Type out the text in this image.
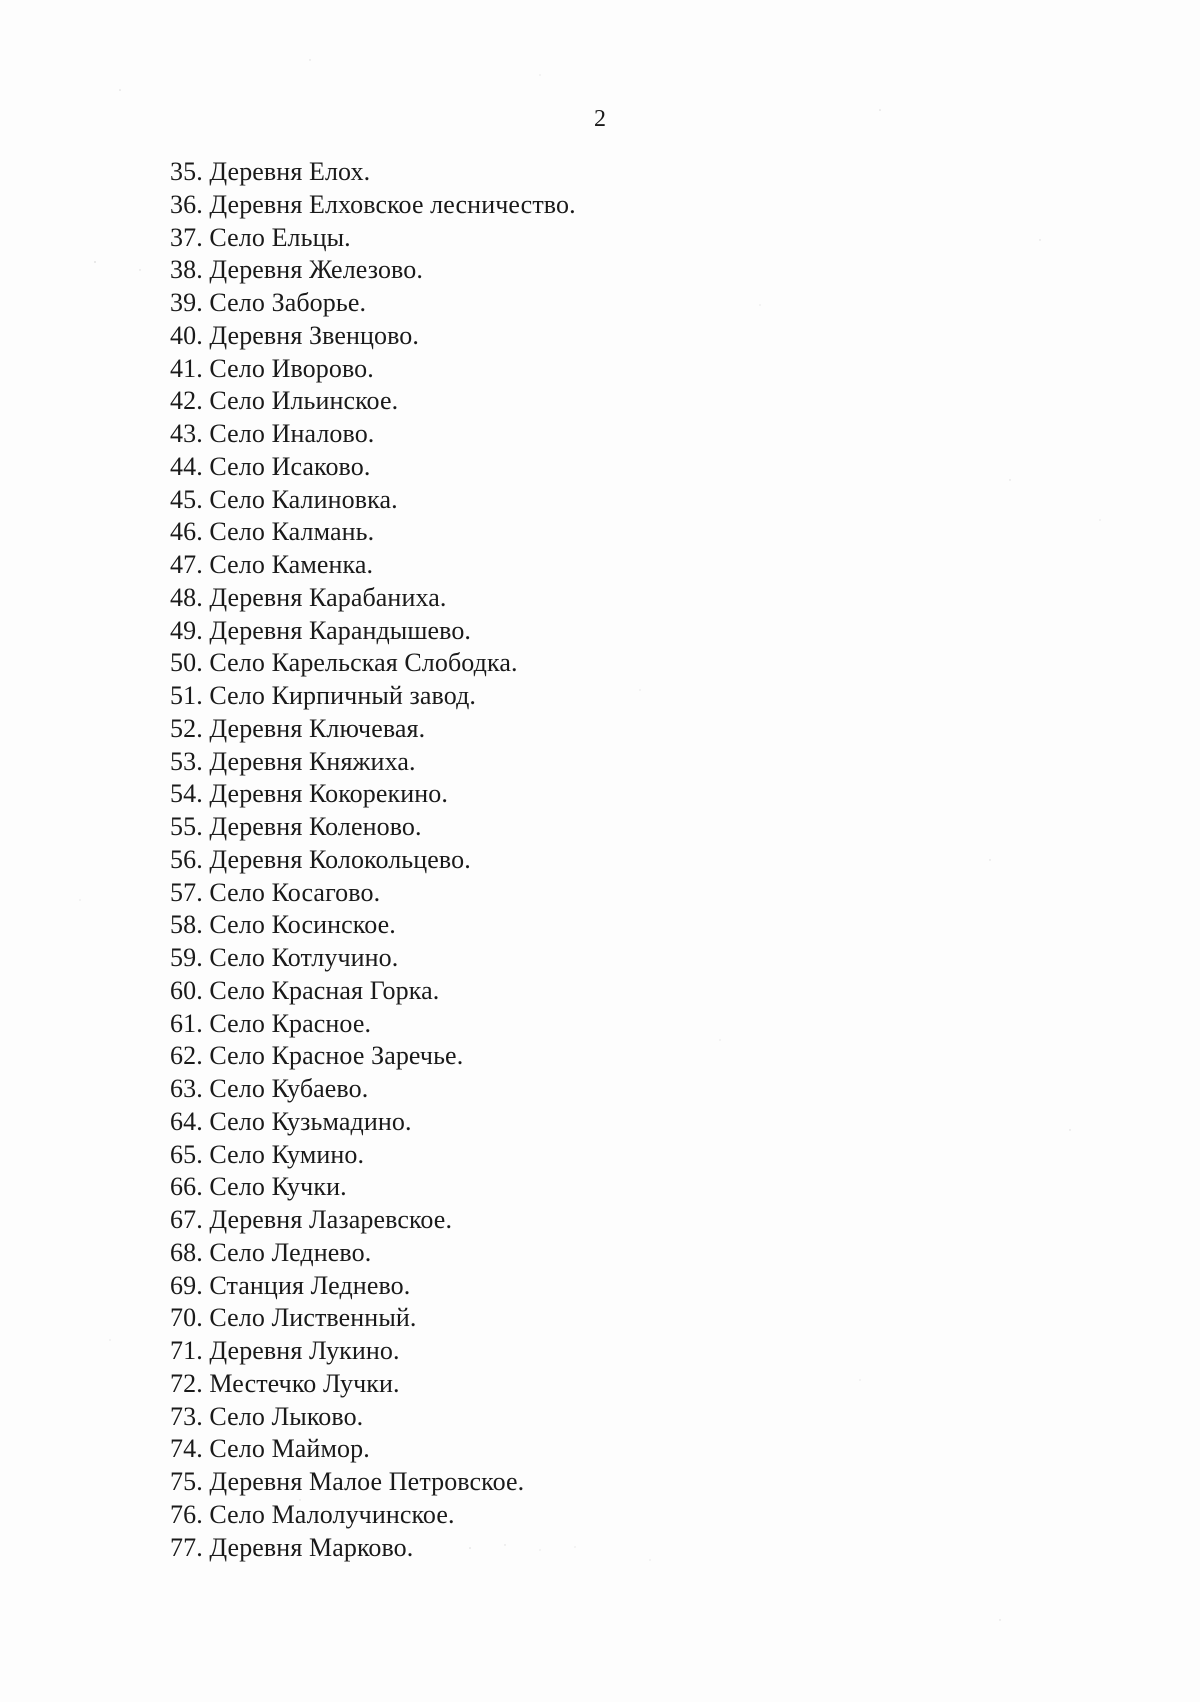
2
35. Деревня Елох.
36. Деревня Елховское лесничество.
37. Село Ельцы.
38. Деревня Железово.
39. Село Заборье.
40. Деревня Звенцово.
41. Село Иворово.
42. Село Ильинское.
43. Село Иналово.
44. Село Исаково.
45. Село Калиновка.
46. Село Калмань.
47. Село Каменка.
48. Деревня Карабаниха.
49. Деревня Карандышево.
50. Село Карельская Слободка.
51. Село Кирпичный завод.
52. Деревня Ключевая.
53. Деревня Княжиха.
54. Деревня Кокорекино.
55. Деревня Коленово.
56. Деревня Колокольцево.
57. Село Косагово.
58. Село Косинское.
59. Село Котлучино.
60. Село Красная Горка.
61. Село Красное.
62. Село Красное Заречье.
63. Село Кубаево.
64. Село Кузьмадино.
65. Село Кумино.
66. Село Кучки.
67. Деревня Лазаревское.
68. Село Леднево.
69. Станция Леднево.
70. Село Лиственный.
71. Деревня Лукино.
72. Местечко Лучки.
73. Село Лыково.
74. Село Маймор.
75. Деревня Малое Петровское.
76. Село Малолучинское.
77. Деревня Марково.
